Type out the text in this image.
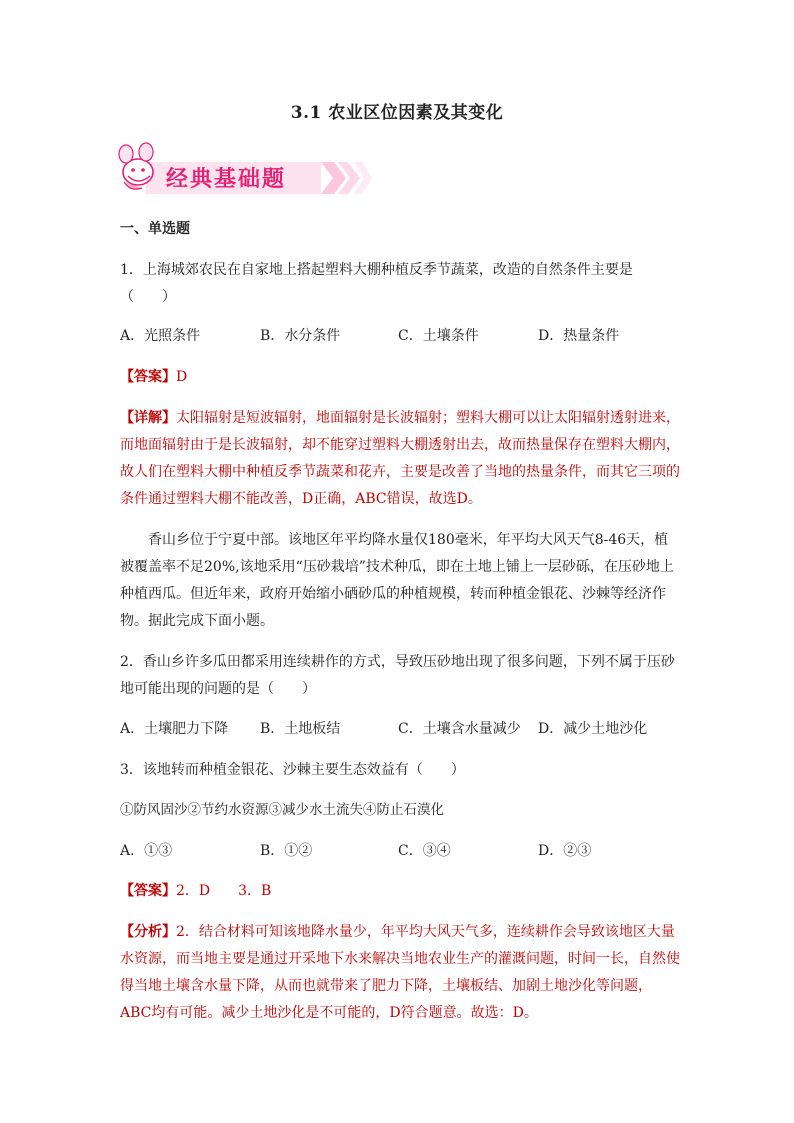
3.1 农业区位因素及其变化
经典基础题
一、单选题
1．上海城郊农民在自家地上搭起塑料大棚种植反季节蔬菜，改造的自然条件主要是
（　　）
A．光照条件	B．水分条件	C．土壤条件	D．热量条件
【答案】D
【详解】太阳辐射是短波辐射，地面辐射是长波辐射；塑料大棚可以让太阳辐射透射进来，而地面辐射由于是长波辐射，却不能穿过塑料大棚透射出去，故而热量保存在塑料大棚内，故人们在塑料大棚中种植反季节蔬菜和花卉，主要是改善了当地的热量条件，而其它三项的条件通过塑料大棚不能改善，D正确，ABC错误，故选D。
香山乡位于宁夏中部。该地区年平均降水量仅180毫米，年平均大风天气8-46天，植被覆盖率不足20%,该地采用“压砂栽培”技术种瓜，即在土地上铺上一层砂砾，在压砂地上种植西瓜。但近年来，政府开始缩小硒砂瓜的种植规模，转而种植金银花、沙棘等经济作物。据此完成下面小题。
2．香山乡许多瓜田都采用连续耕作的方式，导致压砂地出现了很多问题，下列不属于压砂地可能出现的问题的是（　　）
A．土壤肥力下降 B．土地板结	C．土壤含水量减少 D．减少土地沙化
3．该地转而种植金银花、沙棘主要生态效益有（　　）
①防风固沙②节约水资源③减少水土流失④防止石漠化
A．①③	B．①②	C．③④	D．②③
【答案】2．D　　3．B
【分析】2．结合材料可知该地降水量少，年平均大风天气多，连续耕作会导致该地区大量水资源，而当地主要是通过开采地下水来解决当地农业生产的灌溉问题，时间一长，自然使得当地土壤含水量下降，从而也就带来了肥力下降，土壤板结、加剧土地沙化等问题，ABC均有可能。减少土地沙化是不可能的，D符合题意。故选：D。
